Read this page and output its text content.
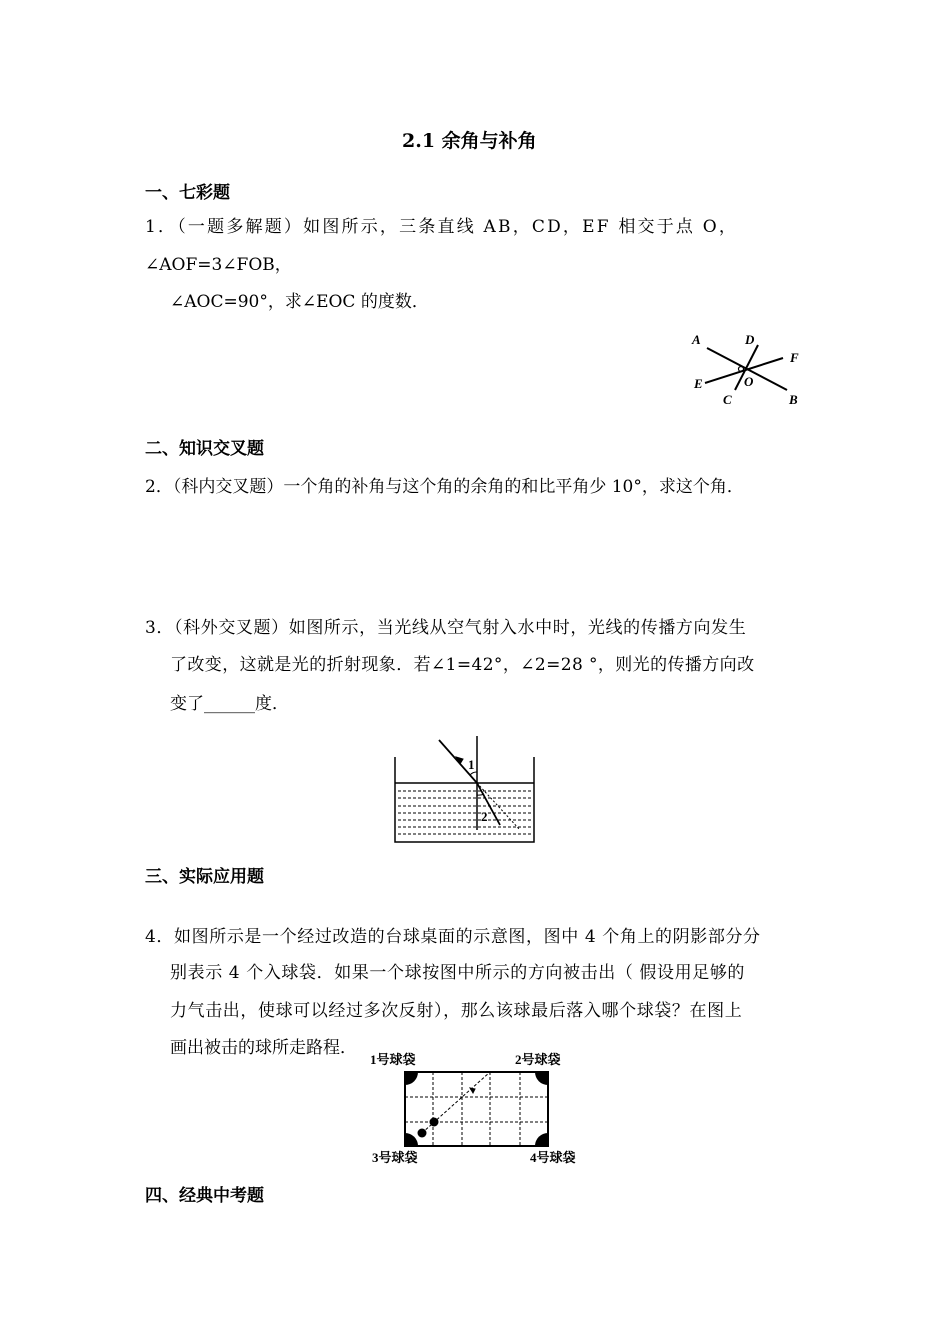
2.1 余角与补角
一、七彩题
1．（一题多解题）如图所示，三条直线 AB，CD，EF 相交于点 O，
∠AOF=3∠FOB，
∠AOC=90°，求∠EOC 的度数．
A	D
F
E	O
C	B
二、知识交叉题
2．（科内交叉题）一个角的补角与这个角的余角的和比平角少 10°，求这个角．
3．（科外交叉题）如图所示，当光线从空气射入水中时，光线的传播方向发生
了改变，这就是光的折射现象．若∠1=42°，∠2=28 °，则光的传播方向改
变了______度．
1
2
三、实际应用题
4．如图所示是一个经过改造的台球桌面的示意图，图中 4 个角上的阴影部分分
别表示 4 个入球袋．如果一个球按图中所示的方向被击出（ 假设用足够的
力气击出，使球可以经过多次反射），那么该球最后落入哪个球袋？在图上
画出被击的球所走路程．
1号球袋	2号球袋
3号球袋	4号球袋
四、经典中考题
